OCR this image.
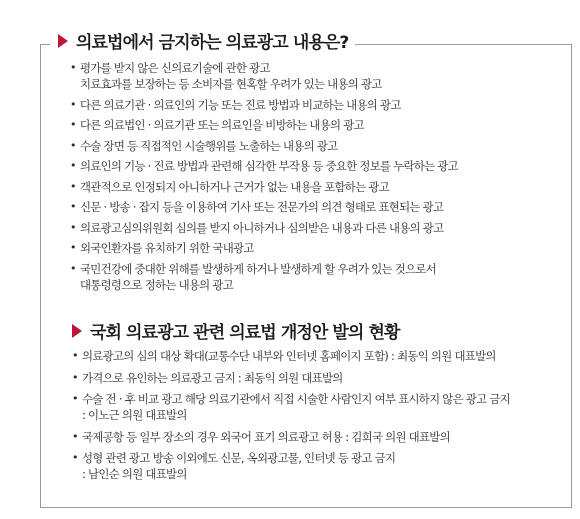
의료법에서 금지하는 의료광고 내용은?
• 평가를 받지 않은 신의료기술에 관한 광고
치료효과를 보장하는 등 소비자를 현혹할 우려가 있는 내용의 광고
• 다른 의료기관 · 의료인의 기능 또는 진료 방법과 비교하는 내용의 광고
• 다른 의료법인 · 의료기관 또는 의료인을 비방하는 내용의 광고
• 수술 장면 등 직접적인 시술행위를 노출하는 내용의 광고
• 의료인의 기능 · 진료 방법과 관련해 심각한 부작용 등 중요한 정보를 누락하는 광고
• 객관적으로 인정되지 아니하거나 근거가 없는 내용을 포함하는 광고
• 신문 · 방송 · 잡지 등을 이용하여 기사 또는 전문가의 의견 형태로 표현되는 광고
• 의료광고심의위원회 심의를 받지 아니하거나 심의받은 내용과 다른 내용의 광고
• 외국인환자를 유치하기 위한 국내광고
• 국민건강에 중대한 위해를 발생하게 하거나 발생하게 할 우려가 있는 것으로서
대통령령으로 정하는 내용의 광고
국회 의료광고 관련 의료법 개정안 발의 현황
• 의료광고의 심의 대상 확대(교통수단 내부와 인터넷 홈페이지 포함) : 최동익 의원 대표발의
• 가격으로 유인하는 의료광고 금지 : 최동익 의원 대표발의
• 수술 전 · 후 비교 광고 해당 의료기관에서 직접 시술한 사람인지 여부 표시하지 않은 광고 금지
: 이노근 의원 대표발의
• 국제공항 등 일부 장소의 경우 외국어 표기 의료광고 허용 : 김희국 의원 대표발의
• 성형 관련 광고 방송 이외에도 신문, 옥외광고물, 인터넷 등 광고 금지
: 남인순 의원 대표발의
